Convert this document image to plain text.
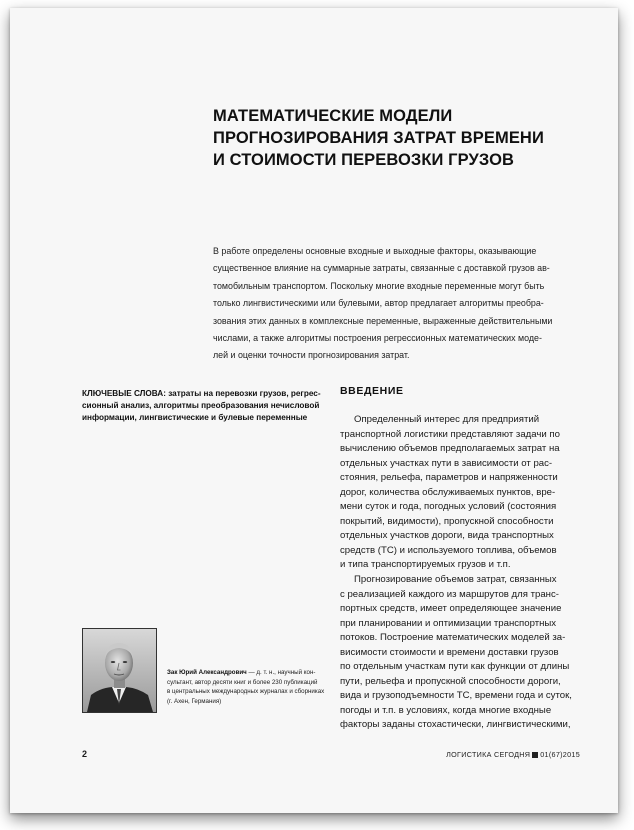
МАТЕМАТИЧЕСКИЕ МОДЕЛИ
ПРОГНОЗИРОВАНИЯ ЗАТРАТ ВРЕМЕНИ
И СТОИМОСТИ ПЕРЕВОЗКИ ГРУЗОВ
В работе определены основные входные и выходные факторы, оказывающие
существенное влияние на суммарные затраты, связанные с доставкой грузов ав-
томобильным транспортом. Поскольку многие входные переменные могут быть
только лингвистическими или булевыми, автор предлагает алгоритмы преобра-
зования этих данных в комплексные переменные, выраженные действительными
числами, а также алгоритмы построения регрессионных математических моде-
лей и оценки точности прогнозирования затрат.
КЛЮЧЕВЫЕ СЛОВА: затраты на перевозки грузов, регрес-
сионный анализ, алгоритмы преобразования нечисловой
информации, лингвистические и булевые переменные
ВВЕДЕНИЕ
Определенный интерес для предприятий
транспортной логистики представляют задачи по
вычислению объемов предполагаемых затрат на
отдельных участках пути в зависимости от рас-
стояния, рельефа, параметров и напряженности
дорог, количества обслуживаемых пунктов, вре-
мени суток и года, погодных условий (состояния
покрытий, видимости), пропускной способности
отдельных участков дороги, вида транспортных
средств (ТС) и используемого топлива, объемов
и типа транспортируемых грузов и т.п.
Прогнозирование объемов затрат, связанных
с реализацией каждого из маршрутов для транс-
портных средств, имеет определяющее значение
при планировании и оптимизации транспортных
потоков. Построение математических моделей за-
висимости стоимости и времени доставки грузов
по отдельным участкам пути как функции от длины
пути, рельефа и пропускной способности дороги,
вида и грузоподъемности ТС, времени года и суток,
погоды и т.п. в условиях, когда многие входные
факторы заданы стохастически, лингвистическими,
Зак Юрий Александрович — д. т. н., научный кон-
сультант, автор десяти книг и более 230 публикаций
в центральных международных журналах и сборниках
(г. Ахен, Германия)
2	ЛОГИСТИКА СЕГОДНЯ 01(67)2015
